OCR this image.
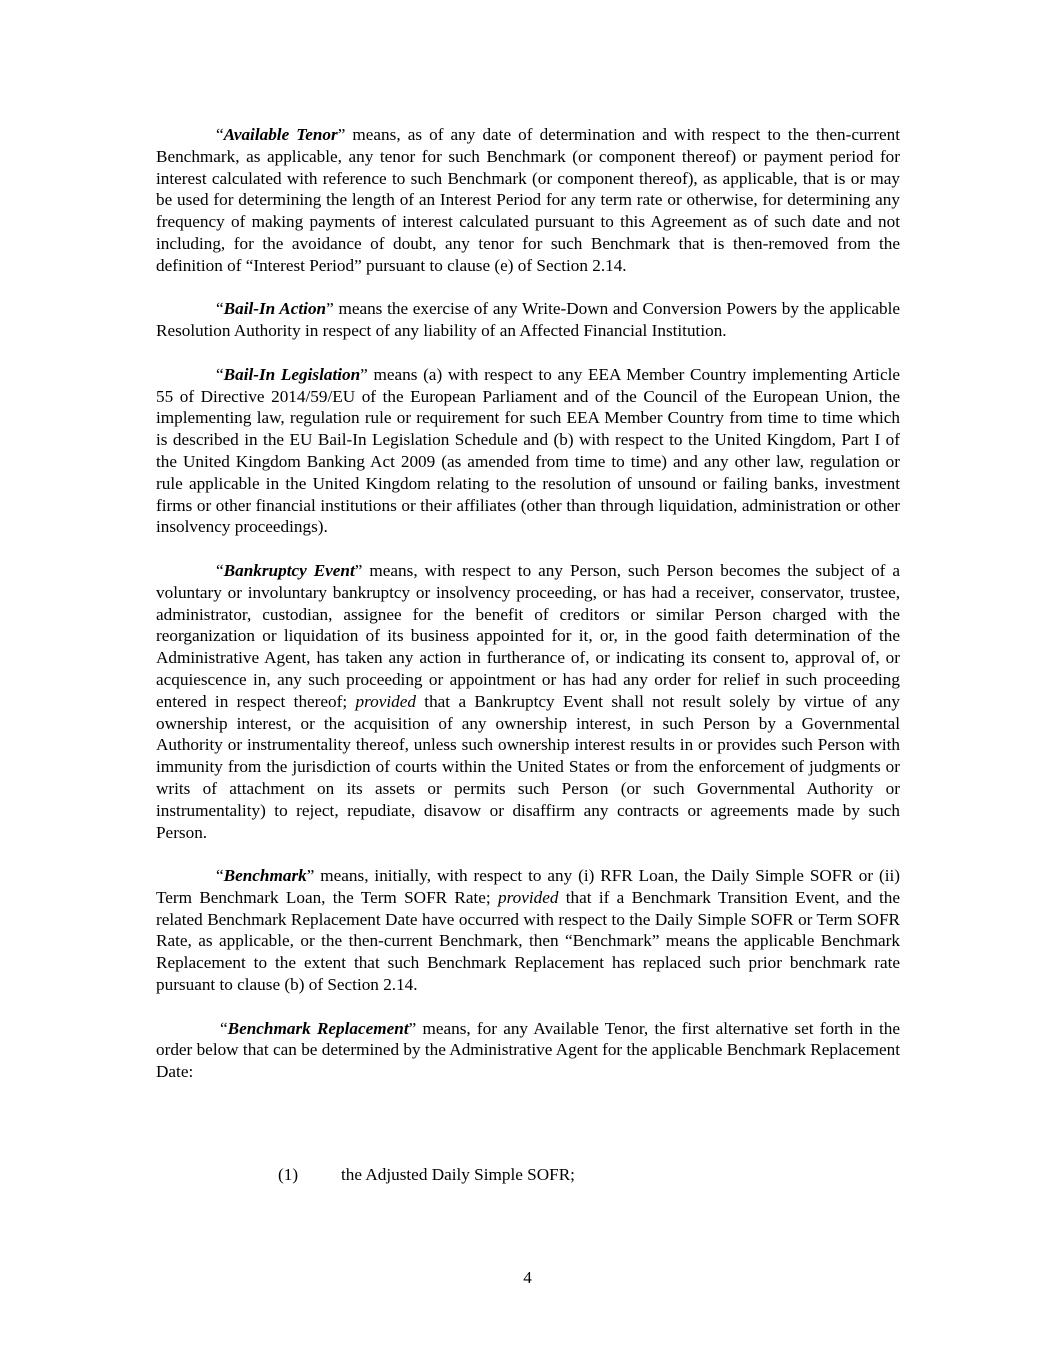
“Available Tenor” means, as of any date of determination and with respect to the then-current Benchmark, as applicable, any tenor for such Benchmark (or component thereof) or payment period for interest calculated with reference to such Benchmark (or component thereof), as applicable, that is or may be used for determining the length of an Interest Period for any term rate or otherwise, for determining any frequency of making payments of interest calculated pursuant to this Agreement as of such date and not including, for the avoidance of doubt, any tenor for such Benchmark that is then-removed from the definition of “Interest Period” pursuant to clause (e) of Section 2.14.

“Bail-In Action” means the exercise of any Write-Down and Conversion Powers by the applicable Resolution Authority in respect of any liability of an Affected Financial Institution.

“Bail-In Legislation” means (a) with respect to any EEA Member Country implementing Article 55 of Directive 2014/59/EU of the European Parliament and of the Council of the European Union, the implementing law, regulation rule or requirement for such EEA Member Country from time to time which is described in the EU Bail-In Legislation Schedule and (b) with respect to the United Kingdom, Part I of the United Kingdom Banking Act 2009 (as amended from time to time) and any other law, regulation or rule applicable in the United Kingdom relating to the resolution of unsound or failing banks, investment firms or other financial institutions or their affiliates (other than through liquidation, administration or other insolvency proceedings).

“Bankruptcy Event” means, with respect to any Person, such Person becomes the subject of a voluntary or involuntary bankruptcy or insolvency proceeding, or has had a receiver, conservator, trustee, administrator, custodian, assignee for the benefit of creditors or similar Person charged with the reorganization or liquidation of its business appointed for it, or, in the good faith determination of the Administrative Agent, has taken any action in furtherance of, or indicating its consent to, approval of, or acquiescence in, any such proceeding or appointment or has had any order for relief in such proceeding entered in respect thereof; provided that a Bankruptcy Event shall not result solely by virtue of any ownership interest, or the acquisition of any ownership interest, in such Person by a Governmental Authority or instrumentality thereof, unless such ownership interest results in or provides such Person with immunity from the jurisdiction of courts within the United States or from the enforcement of judgments or writs of attachment on its assets or permits such Person (or such Governmental Authority or instrumentality) to reject, repudiate, disavow or disaffirm any contracts or agreements made by such Person.

“Benchmark” means, initially, with respect to any (i) RFR Loan, the Daily Simple SOFR or (ii) Term Benchmark Loan, the Term SOFR Rate; provided that if a Benchmark Transition Event, and the related Benchmark Replacement Date have occurred with respect to the Daily Simple SOFR or Term SOFR Rate, as applicable, or the then-current Benchmark, then “Benchmark” means the applicable Benchmark Replacement to the extent that such Benchmark Replacement has replaced such prior benchmark rate pursuant to clause (b) of Section 2.14.

“Benchmark Replacement” means, for any Available Tenor, the first alternative set forth in the order below that can be determined by the Administrative Agent for the applicable Benchmark Replacement Date:

(1) the Adjusted Daily Simple SOFR;
4
